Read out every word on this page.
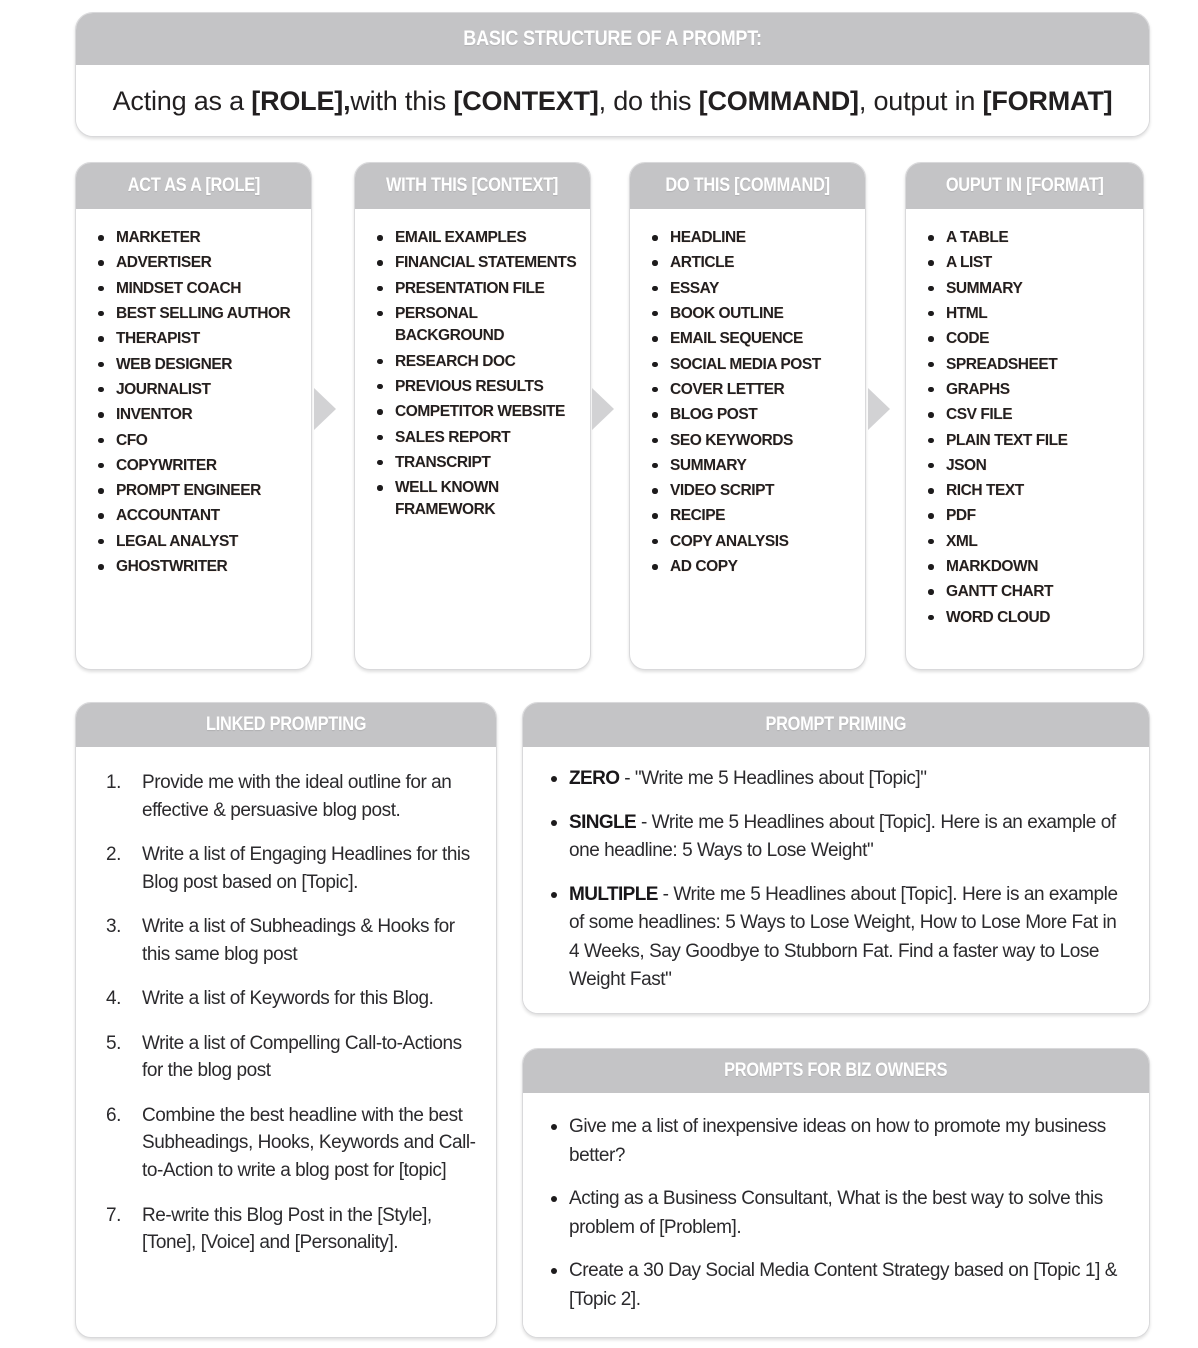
BASIC STRUCTURE OF A PROMPT:
Acting as a [ROLE],with this [CONTEXT], do this [COMMAND], output in [FORMAT]
ACT AS A [ROLE]
MARKETER
ADVERTISER
MINDSET COACH
BEST SELLING AUTHOR
THERAPIST
WEB DESIGNER
JOURNALIST
INVENTOR
CFO
COPYWRITER
PROMPT ENGINEER
ACCOUNTANT
LEGAL ANALYST
GHOSTWRITER
WITH THIS [CONTEXT]
EMAIL EXAMPLES
FINANCIAL STATEMENTS
PRESENTATION FILE
PERSONAL BACKGROUND
RESEARCH DOC
PREVIOUS RESULTS
COMPETITOR WEBSITE
SALES REPORT
TRANSCRIPT
WELL KNOWN FRAMEWORK
DO THIS [COMMAND]
HEADLINE
ARTICLE
ESSAY
BOOK OUTLINE
EMAIL SEQUENCE
SOCIAL MEDIA POST
COVER LETTER
BLOG POST
SEO KEYWORDS
SUMMARY
VIDEO SCRIPT
RECIPE
COPY ANALYSIS
AD COPY
OUPUT IN [FORMAT]
A TABLE
A LIST
SUMMARY
HTML
CODE
SPREADSHEET
GRAPHS
CSV FILE
PLAIN TEXT FILE
JSON
RICH TEXT
PDF
XML
MARKDOWN
GANTT CHART
WORD CLOUD
LINKED PROMPTING
Provide me with the ideal outline for an effective & persuasive blog post.
Write a list of Engaging Headlines for this Blog post based on [Topic].
Write a list of Subheadings & Hooks for this same blog post
Write a list of Keywords for this Blog.
Write a list of Compelling Call-to-Actions for the blog post
Combine the best headline with the best Subheadings, Hooks, Keywords and Call-to-Action to write a blog post for [topic]
Re-write this Blog Post in the [Style], [Tone], [Voice] and [Personality].
PROMPT PRIMING
ZERO - "Write me 5 Headlines about [Topic]"
SINGLE - Write me 5 Headlines about [Topic]. Here is an example of one headline: 5 Ways to Lose Weight"
MULTIPLE - Write me 5 Headlines about [Topic]. Here is an example of some headlines: 5 Ways to Lose Weight, How to Lose More Fat in 4 Weeks, Say Goodbye to Stubborn Fat. Find a faster way to Lose Weight Fast"
PROMPTS FOR BIZ OWNERS
Give me a list of inexpensive ideas on how to promote my business better?
Acting as a Business Consultant, What is the best way to solve this problem of [Problem].
Create a 30 Day Social Media Content Strategy based on [Topic 1] & [Topic 2].
